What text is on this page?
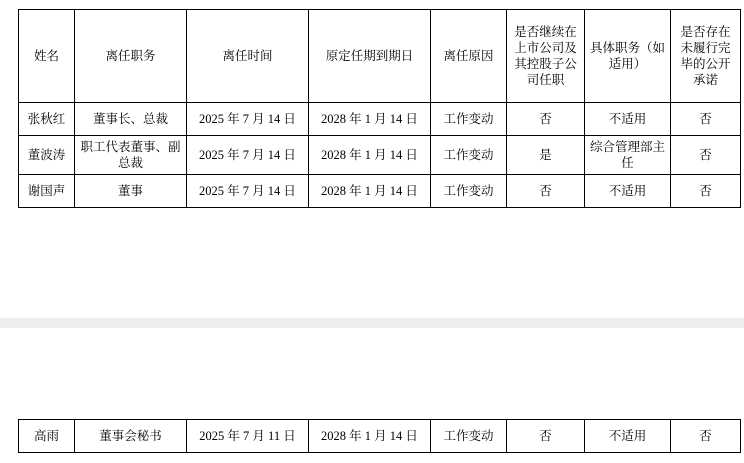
姓名	离任职务	离任时间	原定任期到期日	离任原因	是否继续在上市公司及其控股子公司任职	具体职务（如适用）	是否存在未履行完毕的公开承诺
张秋红	董事长、总裁	2025 年 7 月 14 日	2028 年 1 月 14 日	工作变动	否	不适用	否
董波涛	职工代表董事、副总裁	2025 年 7 月 14 日	2028 年 1 月 14 日	工作变动	是	综合管理部主任	否
谢国声	董事	2025 年 7 月 14 日	2028 年 1 月 14 日	工作变动	否	不适用	否
高雨	董事会秘书	2025 年 7 月 11 日	2028 年 1 月 14 日	工作变动	否	不适用	否
